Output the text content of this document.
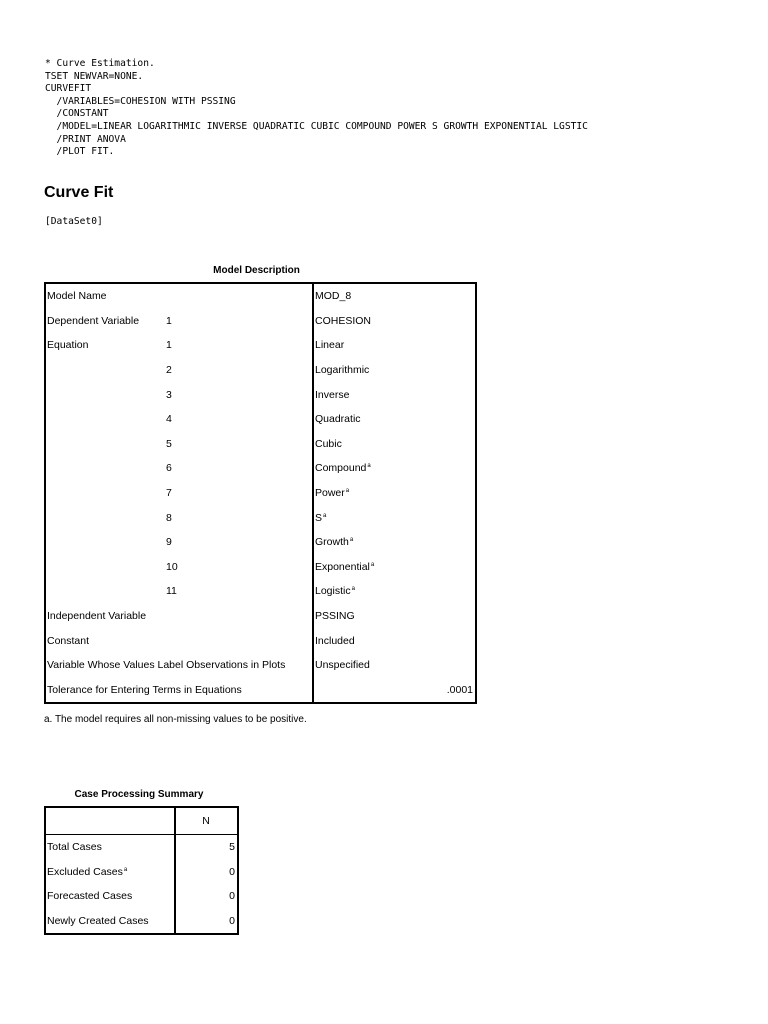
* Curve Estimation.
TSET NEWVAR=NONE.
CURVEFIT
/VARIABLES=COHESION WITH PSSING
/CONSTANT
/MODEL=LINEAR LOGARITHMIC INVERSE QUADRATIC CUBIC COMPOUND POWER S GROWTH EXPONENTIAL LGSTIC
/PRINT ANOVA
/PLOT FIT.
Curve Fit
[DataSet0]
Model Description
Model Name		MOD_8
Dependent Variable	1	COHESION
Equation	1	Linear
	2	Logarithmic
	3	Inverse
	4	Quadratic
	5	Cubic
	6	Compound$^a$
	7	Power$^a$
	8	$S^a$
	9	Growth$^a$
	10	Exponential$^a$
	11	Logistic$^a$
Independent Variable		PSSING
Constant		Included
Variable Whose Values Label Observations in Plots		Unspecified
Tolerance for Entering Terms in Equations		.0001
a. The model requires all non-missing values to be positive.
Case Processing Summary
	N
Total Cases	5
Excluded Cases$^a$	0
Forecasted Cases	0
Newly Created Cases	0
